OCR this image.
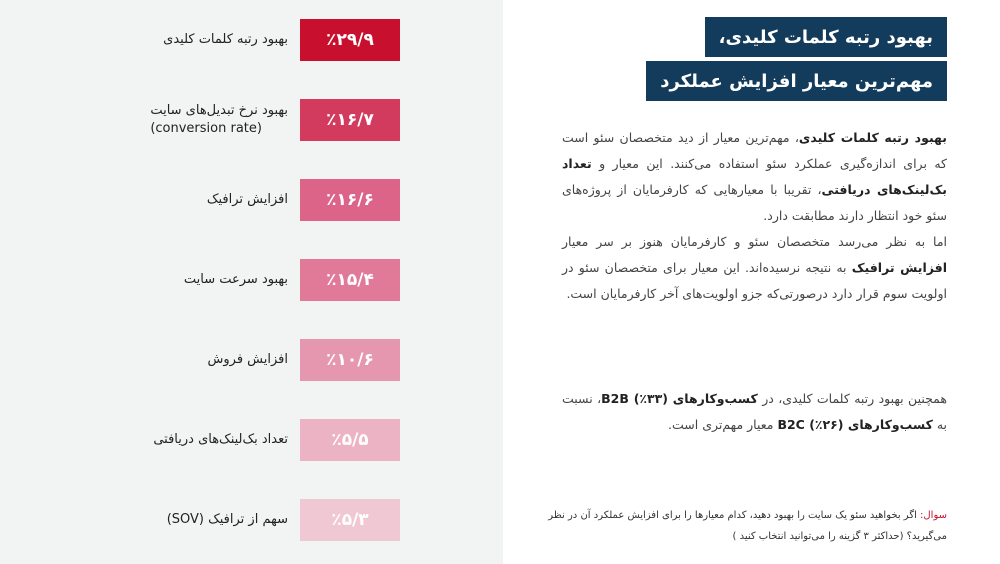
بهبود رتبه کلمات کلیدی	٪۲۹/۹
بهبود نرخ تبدیل‌های سایت
(conversion rate)	٪۱۶/۷
افزایش ترافیک	٪۱۶/۶
بهبود سرعت سایت	٪۱۵/۴
افزایش فروش	٪۱۰/۶
تعداد بک‌لینک‌های دریافتی	٪۵/۵
سهم از ترافیک (SOV)	٪۵/۳
بهبود رتبه کلمات کلیدی،
مهم‌ترین معیار افزایش عملکرد
بهبود رتبه کلمات کلیدی، مهم‌ترین معیار از دید متخصصان سئو است که برای اندازه‌گیری عملکرد سئو استفاده می‌کنند. این معیار و تعداد بک‌لینک‌های دریافتی، تقریبا با معیارهایی که کارفرمایان از پروژه‌های سئو خود انتظار دارند مطابقت دارد.
اما به نظر می‌رسد متخصصان سئو و کارفرمایان هنوز بر سر معیار افزایش ترافیک به نتیجه نرسیده‌اند. این معیار برای متخصصان سئو در اولویت سوم قرار دارد درصورتی‌که جزو اولویت‌های آخر کارفرمایان است.
همچنین بهبود رتبه کلمات کلیدی، در کسب‌وکارهای B2B (٪۳۳)، نسبت به کسب‌وکارهای B2C (٪۲۶) معیار مهم‌تری است.
سوال: اگر بخواهید سئو یک سایت را بهبود دهید، کدام معیارها را برای افزایش عملکرد آن در نظر می‌گیرید؟ (حداکثر ۳ گزینه را می‌توانید انتخاب کنید )
